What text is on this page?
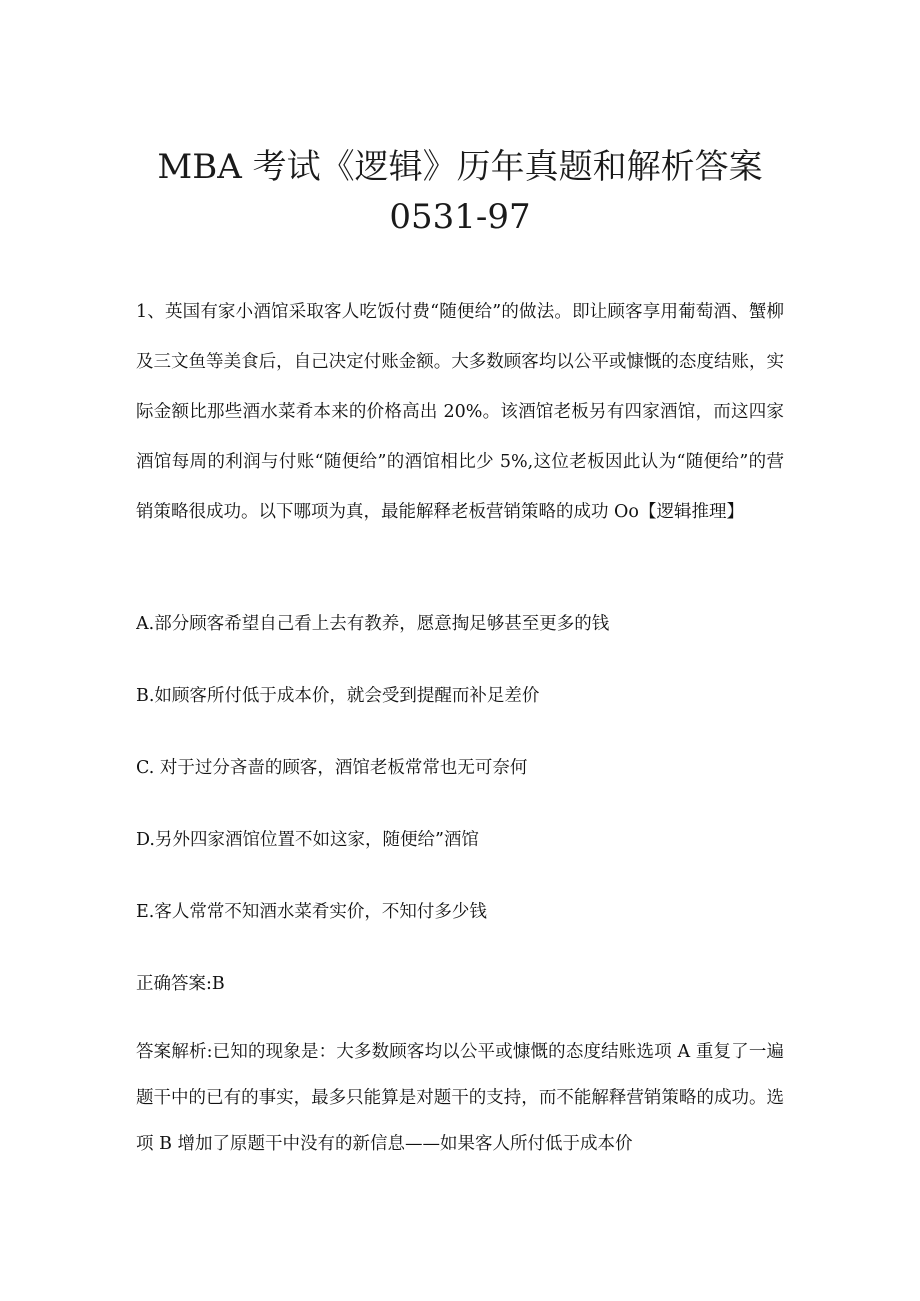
MBA 考试《逻辑》历年真题和解析答案
0531-97

1、英国有家小酒馆采取客人吃饭付费“随便给”的做法。即让顾客享用葡萄酒、蟹柳及三文鱼等美食后，自己决定付账金额。大多数顾客均以公平或慷慨的态度结账，实际金额比那些酒水菜肴本来的价格高出 20%。该酒馆老板另有四家酒馆，而这四家酒馆每周的利润与付账“随便给”的酒馆相比少 5%,这位老板因此认为“随便给”的营销策略很成功。以下哪项为真，最能解释老板营销策略的成功 Oo【逻辑推理】

A.部分顾客希望自己看上去有教养，愿意掏足够甚至更多的钱
B.如顾客所付低于成本价，就会受到提醒而补足差价
C. 对于过分吝啬的顾客，酒馆老板常常也无可奈何
D.另外四家酒馆位置不如这家，随便给”酒馆
E.客人常常不知酒水菜肴实价，不知付多少钱
正确答案:B

答案解析:已知的现象是：大多数顾客均以公平或慷慨的态度结账选项 A 重复了一遍题干中的已有的事实，最多只能算是对题干的支持，而不能解释营销策略的成功。选项 B 增加了原题干中没有的新信息——如果客人所付低于成本价
